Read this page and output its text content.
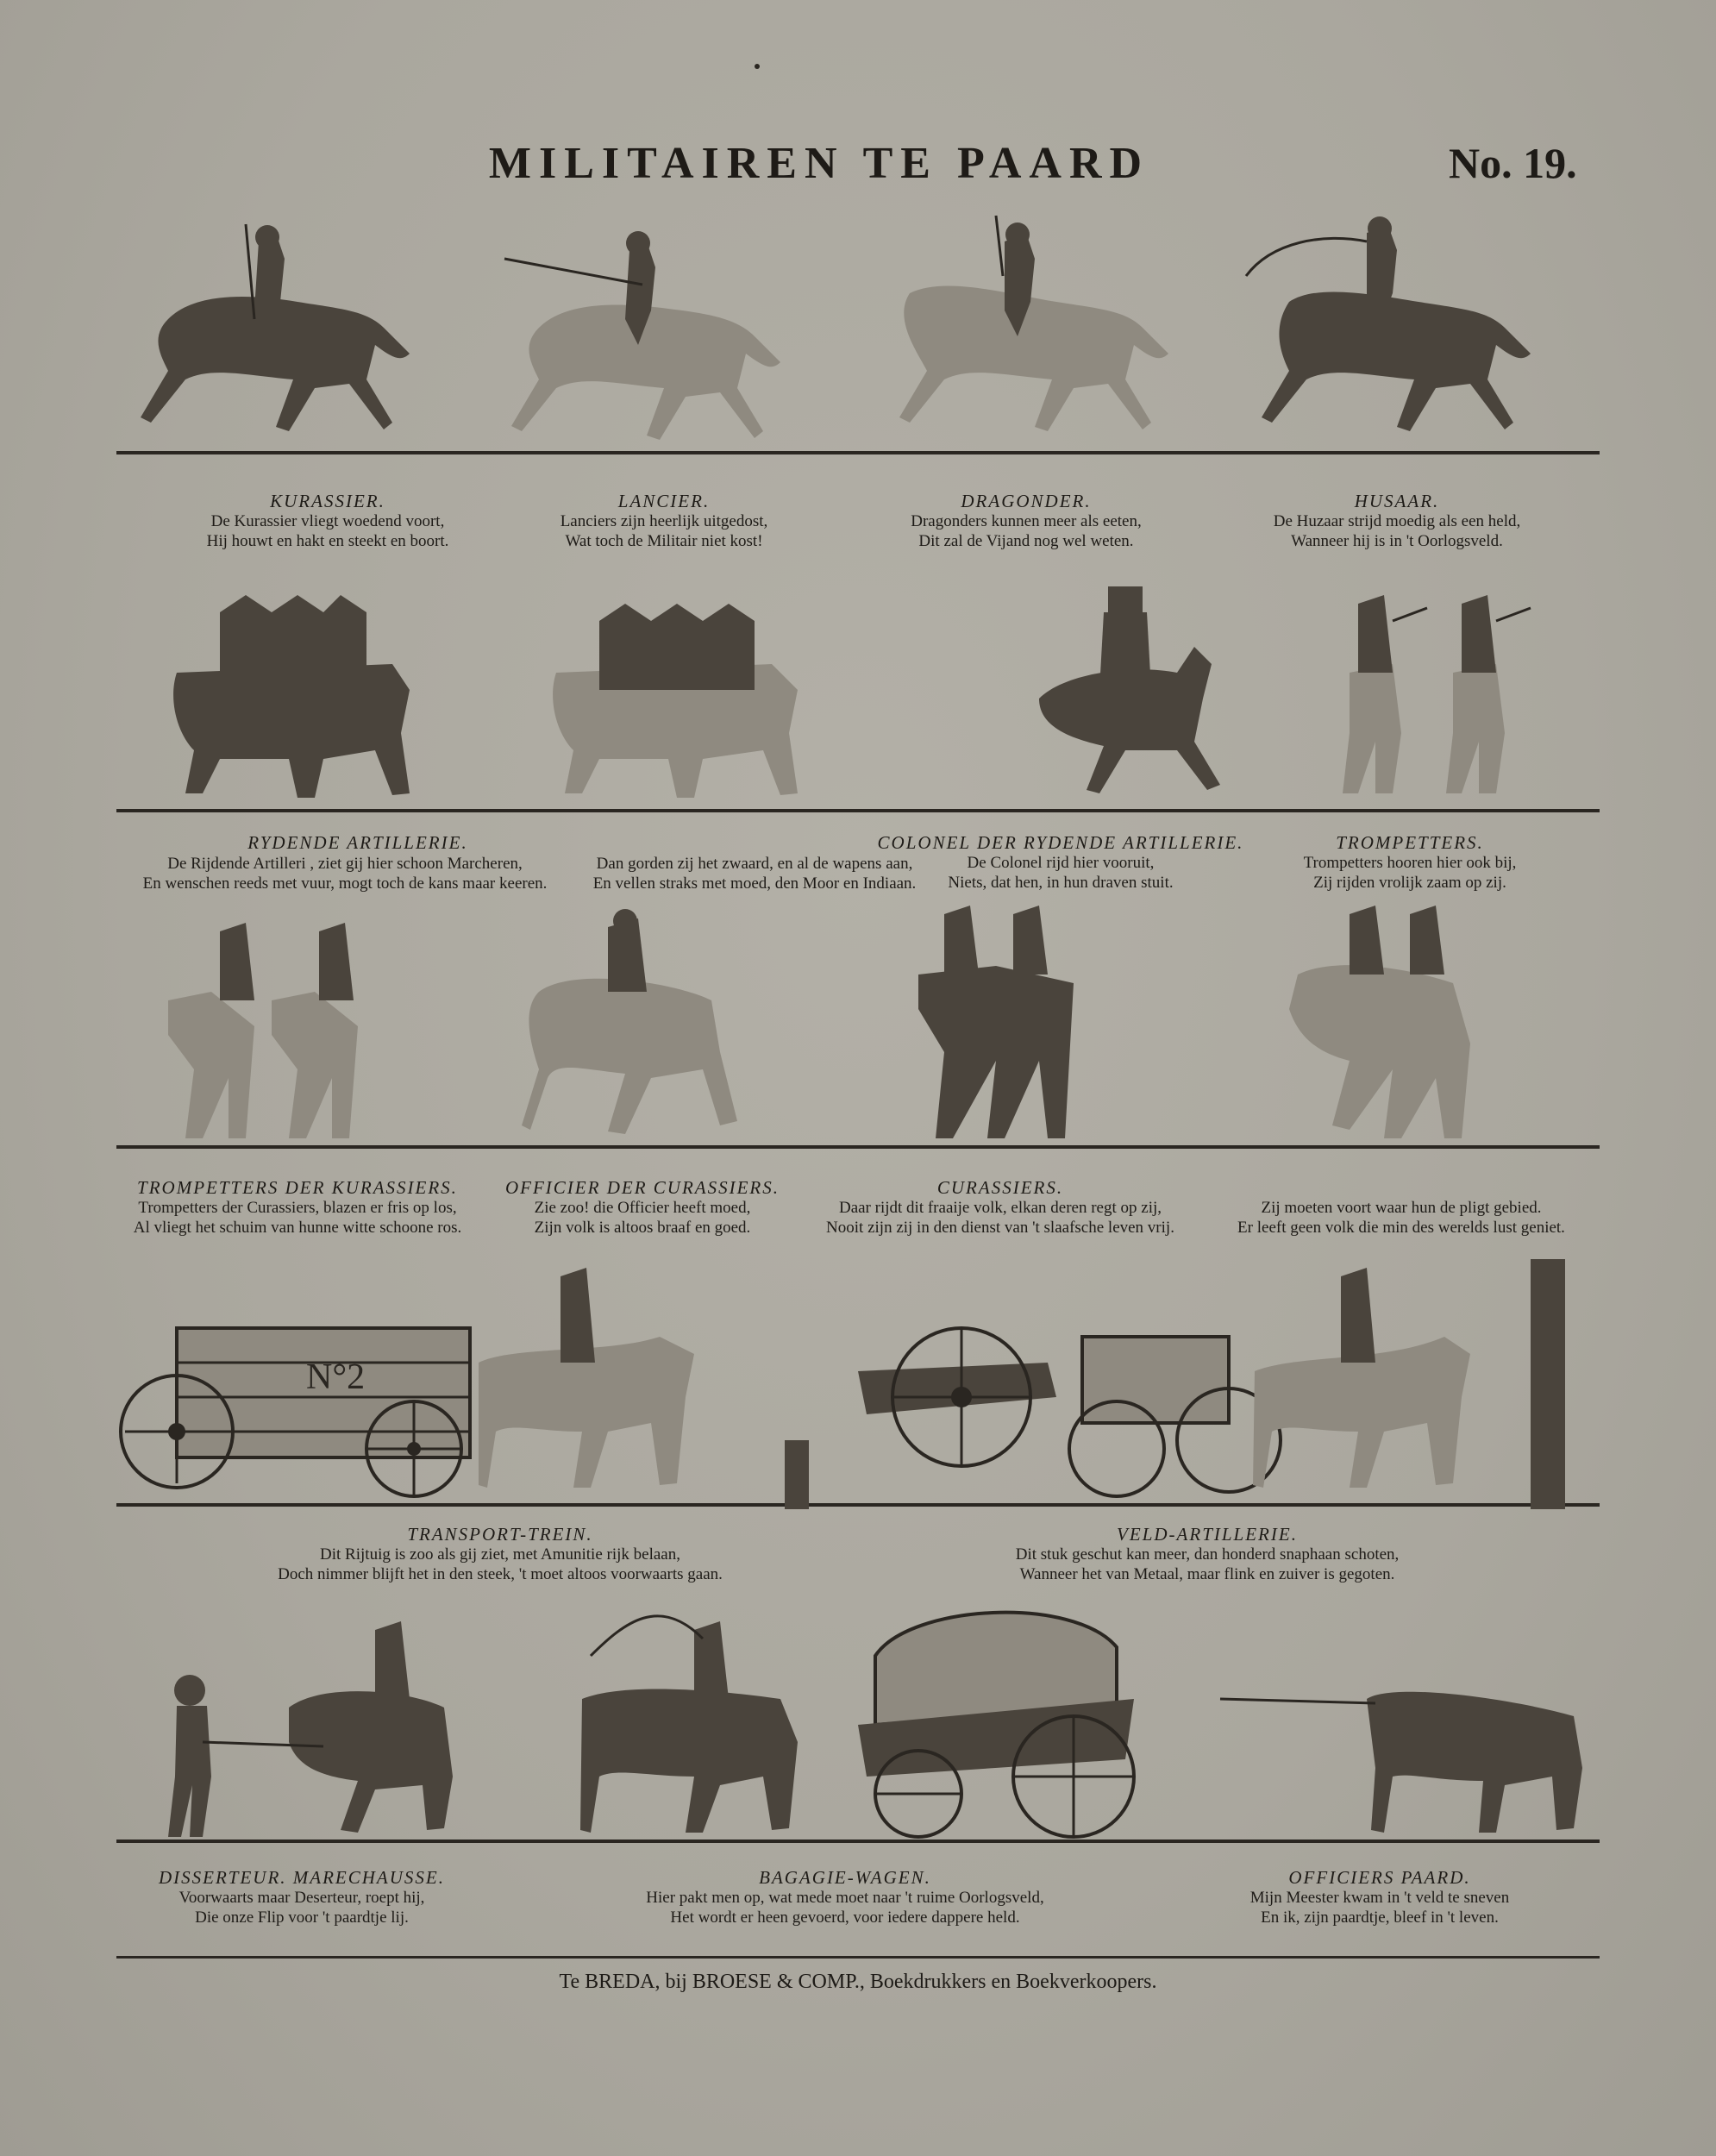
MILITAIREN TE PAARD	No. 19.
KURASSIER.
De Kurassier vliegt woedend voort,
Hij houwt en hakt en steekt en boort.
LANCIER.
Lanciers zijn heerlijk uitgedost,
Wat toch de Militair niet kost!
DRAGONDER.
Dragonders kunnen meer als eeten,
Dit zal de Vijand nog wel weten.
HUSAAR.
De Huzaar strijd moedig als een held,
Wanneer hij is in 't Oorlogsveld.
RYDENDE ARTILLERIE.
De Rijdende Artilleri , ziet gij hier schoon Marcheren,
En wenschen reeds met vuur, mogt toch de kans maar keeren.
Dan gorden zij het zwaard, en al de wapens aan,
En vellen straks met moed, den Moor en Indiaan.
COLONEL DER RYDENDE ARTILLERIE.
De Colonel rijd hier vooruit,
Niets, dat hen, in hun draven stuit.
TROMPETTERS.
Trompetters hooren hier ook bij,
Zij rijden vrolijk zaam op zij.
TROMPETTERS DER KURASSIERS.
Trompetters der Curassiers, blazen er fris op los,
Al vliegt het schuim van hunne witte schoone ros.
OFFICIER DER CURASSIERS.
Zie zoo! die Officier heeft moed,
Zijn volk is altoos braaf en goed.
CURASSIERS.
Daar rijdt dit fraaije volk, elkan deren regt op zij,
Nooit zijn zij in den dienst van 't slaafsche leven vrij.
Zij moeten voort waar hun de pligt gebied.
Er leeft geen volk die min des werelds lust geniet.
N°2
TRANSPORT-TREIN.
Dit Rijtuig is zoo als gij ziet, met Amunitie rijk belaan,
Doch nimmer blijft het in den steek, 't moet altoos voorwaarts gaan.
VELD-ARTILLERIE.
Dit stuk geschut kan meer, dan honderd snaphaan schoten,
Wanneer het van Metaal, maar flink en zuiver is gegoten.
DISSERTEUR. MARECHAUSSE.
Voorwaarts maar Deserteur, roept hij,
Die onze Flip voor 't paardtje lij.
BAGAGIE-WAGEN.
Hier pakt men op, wat mede moet naar 't ruime Oorlogsveld,
Het wordt er heen gevoerd, voor iedere dappere held.
OFFICIERS PAARD.
Mijn Meester kwam in 't veld te sneven
En ik, zijn paardtje, bleef in 't leven.
Te BREDA, bij BROESE & COMP., Boekdrukkers en Boekverkoopers.
